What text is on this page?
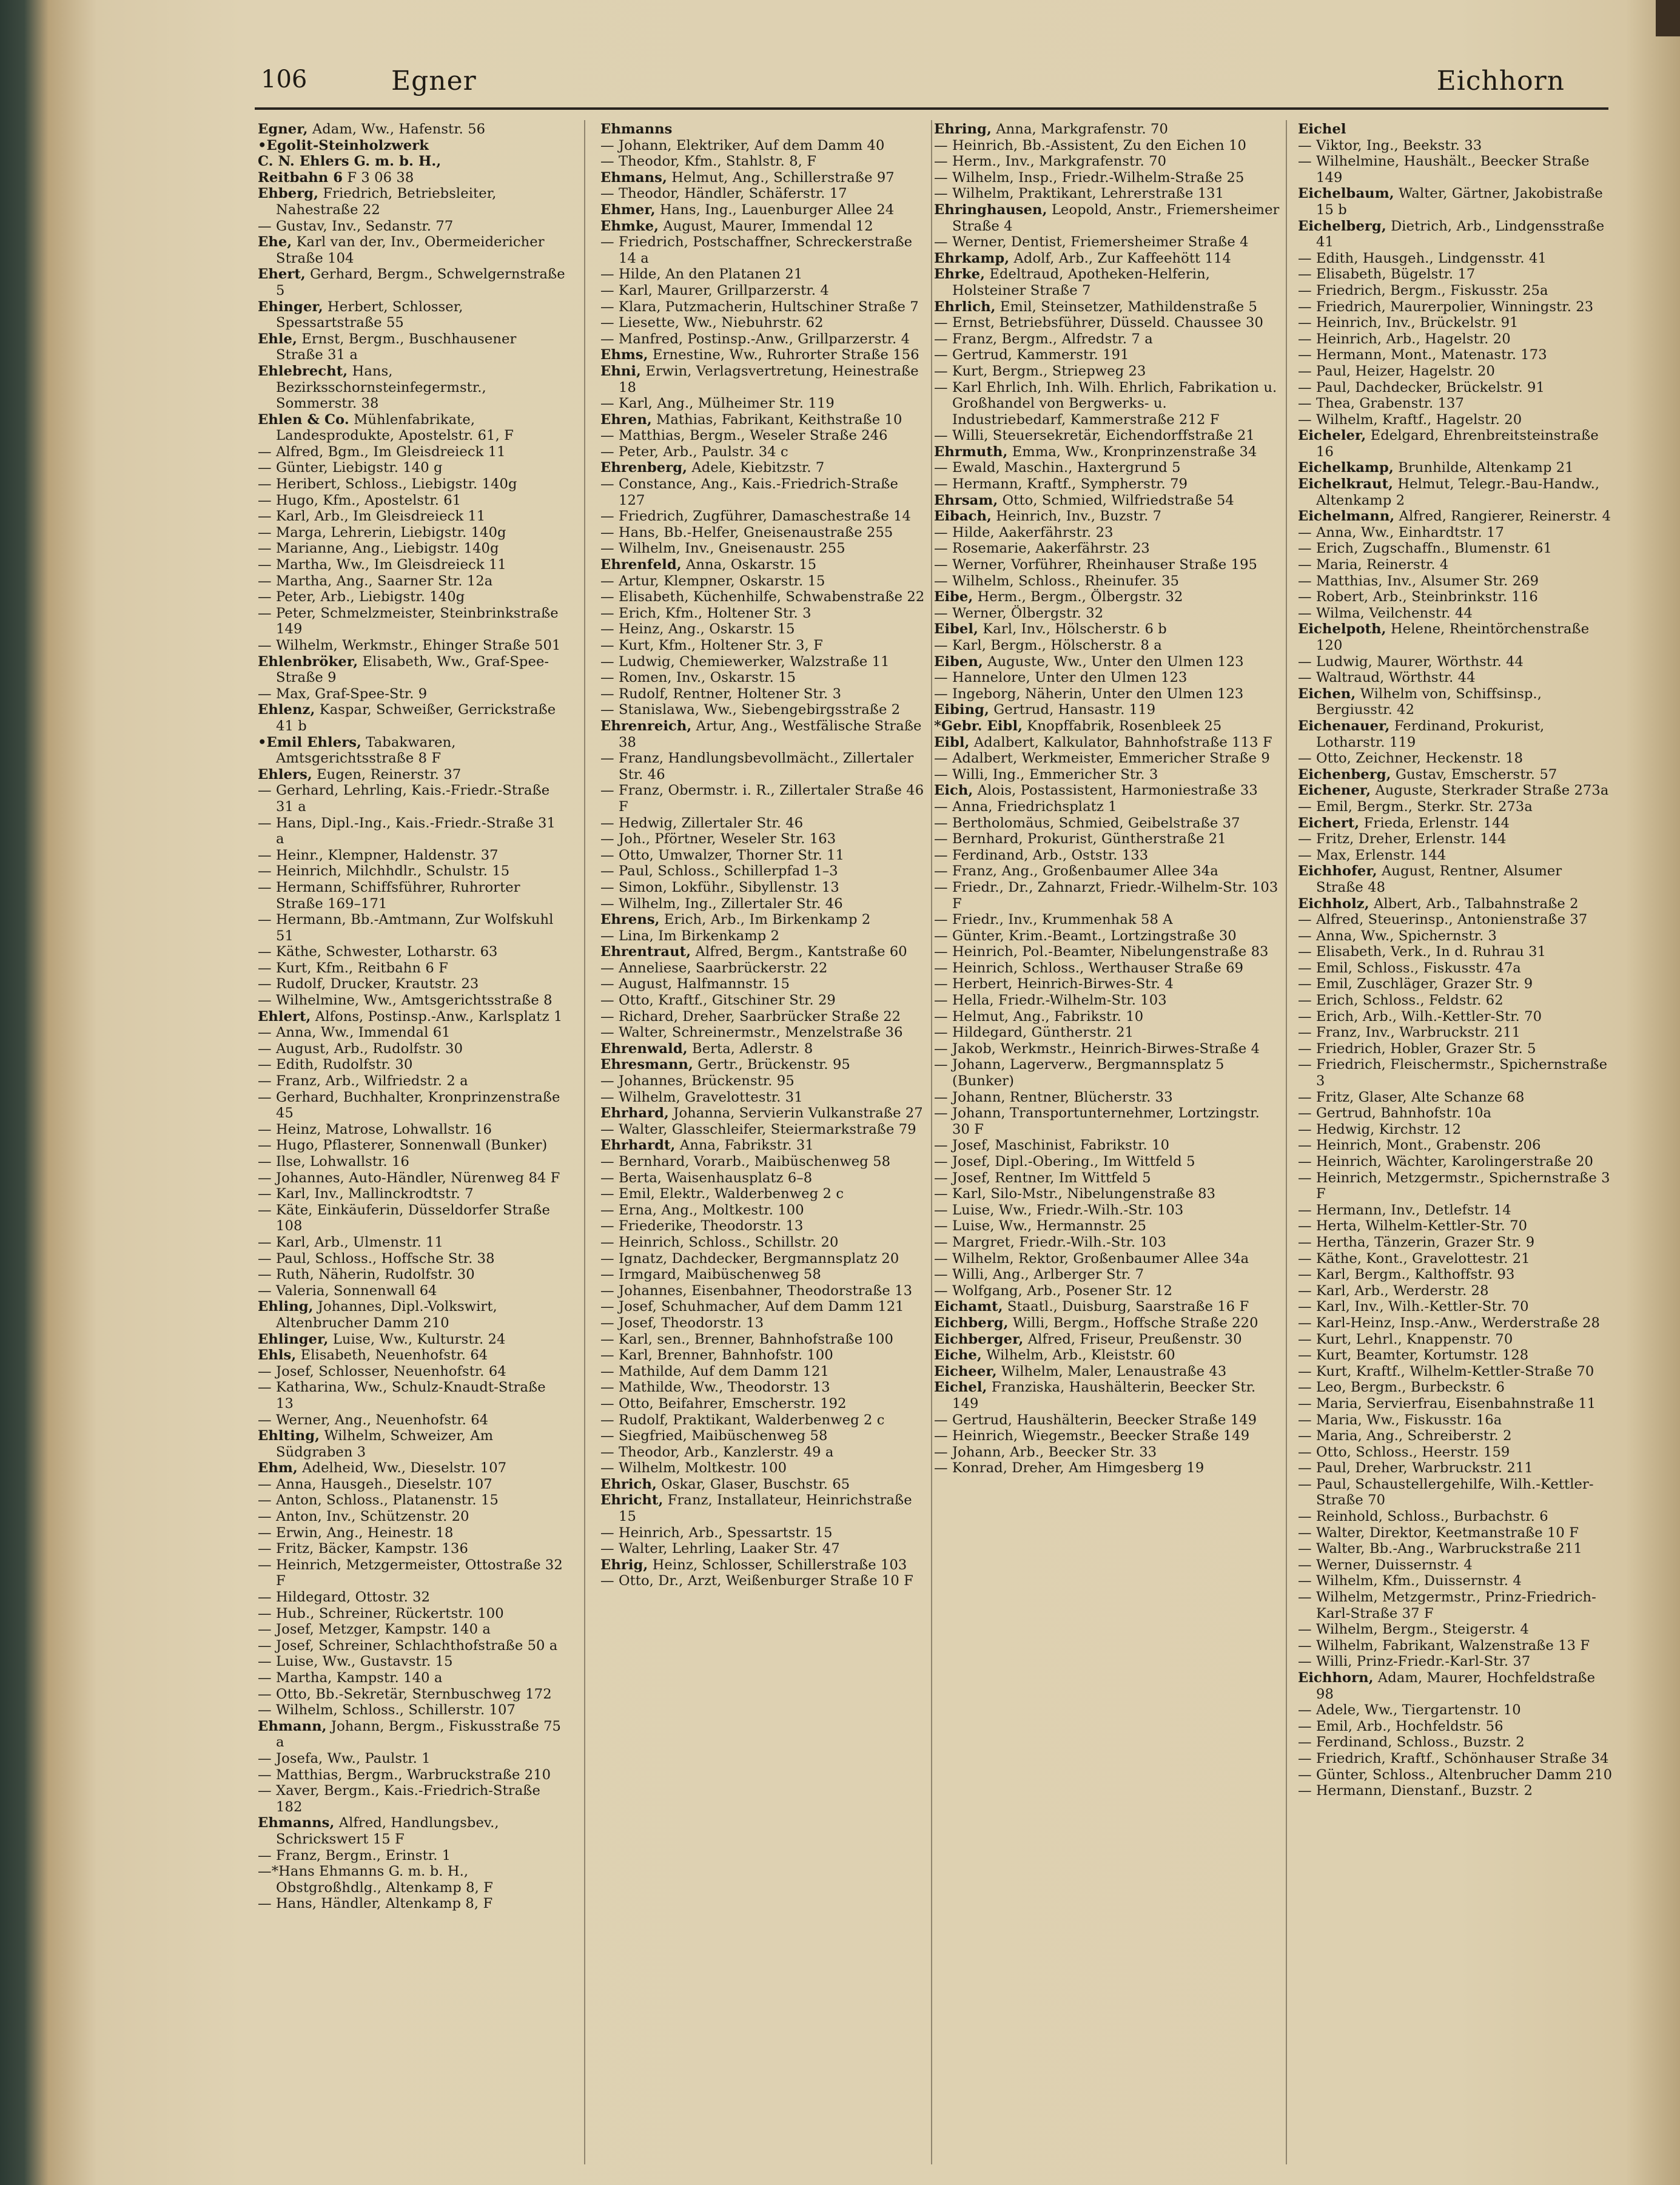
106	Egner	Eichhorn

Egner, Adam, Ww., Hafenstr. 56

•Egolit-Steinholzwerk

C. N. Ehlers G. m. b. H.,

Reitbahn 6 F 3 06 38

Ehberg, Friedrich, Betriebsleiter, Nahestraße 22

— Gustav, Inv., Sedanstr. 77

Ehe, Karl van der, Inv., Obermeidericher Straße 104

Ehert, Gerhard, Bergm., Schwelgernstraße 5

Ehinger, Herbert, Schlosser, Spessartstraße 55

Ehle, Ernst, Bergm., Buschhausener Straße 31 a

Ehlebrecht, Hans, Bezirksschornsteinfegermstr., Sommerstr. 38

Ehlen & Co. Mühlenfabrikate, Landesprodukte, Apostelstr. 61, F

— Alfred, Bgm., Im Gleisdreieck 11

— Günter, Liebigstr. 140 g

— Heribert, Schloss., Liebigstr. 140g

— Hugo, Kfm., Apostelstr. 61

— Karl, Arb., Im Gleisdreieck 11

— Marga, Lehrerin, Liebigstr. 140g

— Marianne, Ang., Liebigstr. 140g

— Martha, Ww., Im Gleisdreieck 11

— Martha, Ang., Saarner Str. 12a

— Peter, Arb., Liebigstr. 140g

— Peter, Schmelzmeister, Steinbrinkstraße 149

— Wilhelm, Werkmstr., Ehinger Straße 501

Ehlenbröker, Elisabeth, Ww., Graf-Spee-Straße 9

— Max, Graf-Spee-Str. 9

Ehlenz, Kaspar, Schweißer, Gerrickstraße 41 b

•Emil Ehlers, Tabakwaren, Amtsgerichtsstraße 8 F

Ehlers, Eugen, Reinerstr. 37

— Gerhard, Lehrling, Kais.-Friedr.-Straße 31 a

— Hans, Dipl.-Ing., Kais.-Friedr.-Straße 31 a

— Heinr., Klempner, Haldenstr. 37

— Heinrich, Milchhdlr., Schulstr. 15

— Hermann, Schiffsführer, Ruhrorter Straße 169–171

— Hermann, Bb.-Amtmann, Zur Wolfskuhl 51

— Käthe, Schwester, Lotharstr. 63

— Kurt, Kfm., Reitbahn 6 F

— Rudolf, Drucker, Krautstr. 23

— Wilhelmine, Ww., Amtsgerichtsstraße 8

Ehlert, Alfons, Postinsp.-Anw., Karlsplatz 1

— Anna, Ww., Immendal 61

— August, Arb., Rudolfstr. 30

— Edith, Rudolfstr. 30

— Franz, Arb., Wilfriedstr. 2 a

— Gerhard, Buchhalter, Kronprinzenstraße 45

— Heinz, Matrose, Lohwallstr. 16

— Hugo, Pflasterer, Sonnenwall (Bunker)

— Ilse, Lohwallstr. 16

— Johannes, Auto-Händler, Nürenweg 84 F

— Karl, Inv., Mallinckrodtstr. 7

— Käte, Einkäuferin, Düsseldorfer Straße 108

— Karl, Arb., Ulmenstr. 11

— Paul, Schloss., Hoffsche Str. 38

— Ruth, Näherin, Rudolfstr. 30

— Valeria, Sonnenwall 64

Ehling, Johannes, Dipl.-Volkswirt, Altenbrucher Damm 210

Ehlinger, Luise, Ww., Kulturstr. 24

Ehls, Elisabeth, Neuenhofstr. 64

— Josef, Schlosser, Neuenhofstr. 64

— Katharina, Ww., Schulz-Knaudt-Straße 13

— Werner, Ang., Neuenhofstr. 64

Ehlting, Wilhelm, Schweizer, Am Südgraben 3

Ehm, Adelheid, Ww., Dieselstr. 107

— Anna, Hausgeh., Dieselstr. 107

— Anton, Schloss., Platanenstr. 15

— Anton, Inv., Schützenstr. 20

— Erwin, Ang., Heinestr. 18

— Fritz, Bäcker, Kampstr. 136

— Heinrich, Metzgermeister, Ottostraße 32 F

— Hildegard, Ottostr. 32

— Hub., Schreiner, Rückertstr. 100

— Josef, Metzger, Kampstr. 140 a

— Josef, Schreiner, Schlachthofstraße 50 a

— Luise, Ww., Gustavstr. 15

— Martha, Kampstr. 140 a

— Otto, Bb.-Sekretär, Sternbuschweg 172

— Wilhelm, Schloss., Schillerstr. 107

Ehmann, Johann, Bergm., Fiskusstraße 75 a

— Josefa, Ww., Paulstr. 1

— Matthias, Bergm., Warbruckstraße 210

— Xaver, Bergm., Kais.-Friedrich-Straße 182

Ehmanns, Alfred, Handlungsbev., Schrickswert 15 F

— Franz, Bergm., Erinstr. 1

—*Hans Ehmanns G. m. b. H., Obstgroßhdlg., Altenkamp 8, F

— Hans, Händler, Altenkamp 8, F

Ehmanns

— Johann, Elektriker, Auf dem Damm 40

— Theodor, Kfm., Stahlstr. 8, F

Ehmans, Helmut, Ang., Schillerstraße 97

— Theodor, Händler, Schäferstr. 17

Ehmer, Hans, Ing., Lauenburger Allee 24

Ehmke, August, Maurer, Immendal 12

— Friedrich, Postschaffner, Schreckerstraße 14 a

— Hilde, An den Platanen 21

— Karl, Maurer, Grillparzerstr. 4

— Klara, Putzmacherin, Hultschiner Straße 7

— Liesette, Ww., Niebuhrstr. 62

— Manfred, Postinsp.-Anw., Grillparzerstr. 4

Ehms, Ernestine, Ww., Ruhrorter Straße 156

Ehni, Erwin, Verlagsvertretung, Heinestraße 18

— Karl, Ang., Mülheimer Str. 119

Ehren, Mathias, Fabrikant, Keithstraße 10

— Matthias, Bergm., Weseler Straße 246

— Peter, Arb., Paulstr. 34 c

Ehrenberg, Adele, Kiebitzstr. 7

— Constance, Ang., Kais.-Friedrich-Straße 127

— Friedrich, Zugführer, Damaschestraße 14

— Hans, Bb.-Helfer, Gneisenaustraße 255

— Wilhelm, Inv., Gneisenaustr. 255

Ehrenfeld, Anna, Oskarstr. 15

— Artur, Klempner, Oskarstr. 15

— Elisabeth, Küchenhilfe, Schwabenstraße 22

— Erich, Kfm., Holtener Str. 3

— Heinz, Ang., Oskarstr. 15

— Kurt, Kfm., Holtener Str. 3, F

— Ludwig, Chemiewerker, Walzstraße 11

— Romen, Inv., Oskarstr. 15

— Rudolf, Rentner, Holtener Str. 3

— Stanislawa, Ww., Siebengebirgsstraße 2

Ehrenreich, Artur, Ang., Westfälische Straße 38

— Franz, Handlungsbevollmächt., Zillertaler Str. 46

— Franz, Obermstr. i. R., Zillertaler Straße 46 F

— Hedwig, Zillertaler Str. 46

— Joh., Pförtner, Weseler Str. 163

— Otto, Umwalzer, Thorner Str. 11

— Paul, Schloss., Schillerpfad 1–3

— Simon, Lokführ., Sibyllenstr. 13

— Wilhelm, Ing., Zillertaler Str. 46

Ehrens, Erich, Arb., Im Birkenkamp 2

— Lina, Im Birkenkamp 2

Ehrentraut, Alfred, Bergm., Kantstraße 60

— Anneliese, Saarbrückerstr. 22

— August, Halfmannstr. 15

— Otto, Kraftf., Gitschiner Str. 29

— Richard, Dreher, Saarbrücker Straße 22

— Walter, Schreinermstr., Menzelstraße 36

Ehrenwald, Berta, Adlerstr. 8

Ehresmann, Gertr., Brückenstr. 95

— Johannes, Brückenstr. 95

— Wilhelm, Gravelottestr. 31

Ehrhard, Johanna, Servierin Vulkanstraße 27

— Walter, Glasschleifer, Steiermarkstraße 79

Ehrhardt, Anna, Fabrikstr. 31

— Bernhard, Vorarb., Maibüschenweg 58

— Berta, Waisenhausplatz 6–8

— Emil, Elektr., Walderbenweg 2 c

— Erna, Ang., Moltkestr. 100

— Friederike, Theodorstr. 13

— Heinrich, Schloss., Schillstr. 20

— Ignatz, Dachdecker, Bergmannsplatz 20

— Irmgard, Maibüschenweg 58

— Johannes, Eisenbahner, Theodorstraße 13

— Josef, Schuhmacher, Auf dem Damm 121

— Josef, Theodorstr. 13

— Karl, sen., Brenner, Bahnhofstraße 100

— Karl, Brenner, Bahnhofstr. 100

— Mathilde, Auf dem Damm 121

— Mathilde, Ww., Theodorstr. 13

— Otto, Beifahrer, Emscherstr. 192

— Rudolf, Praktikant, Walderbenweg 2 c

— Siegfried, Maibüschenweg 58

— Theodor, Arb., Kanzlerstr. 49 a

— Wilhelm, Moltkestr. 100

Ehrich, Oskar, Glaser, Buschstr. 65

Ehricht, Franz, Installateur, Heinrichstraße 15

— Heinrich, Arb., Spessartstr. 15

— Walter, Lehrling, Laaker Str. 47

Ehrig, Heinz, Schlosser, Schillerstraße 103

— Otto, Dr., Arzt, Weißenburger Straße 10 F

Ehring, Anna, Markgrafenstr. 70

— Heinrich, Bb.-Assistent, Zu den Eichen 10

— Herm., Inv., Markgrafenstr. 70

— Wilhelm, Insp., Friedr.-Wilhelm-Straße 25

— Wilhelm, Praktikant, Lehrerstraße 131

Ehringhausen, Leopold, Anstr., Friemersheimer Straße 4

— Werner, Dentist, Friemersheimer Straße 4

Ehrkamp, Adolf, Arb., Zur Kaffeehött 114

Ehrke, Edeltraud, Apotheken-Helferin, Holsteiner Straße 7

Ehrlich, Emil, Steinsetzer, Mathildenstraße 5

— Ernst, Betriebsführer, Düsseld. Chaussee 30

— Franz, Bergm., Alfredstr. 7 a

— Gertrud, Kammerstr. 191

— Kurt, Bergm., Striepweg 23

— Karl Ehrlich, Inh. Wilh. Ehrlich, Fabrikation u. Großhandel von Bergwerks- u. Industriebedarf, Kammerstraße 212 F

— Willi, Steuersekretär, Eichendorffstraße 21

Ehrmuth, Emma, Ww., Kronprinzenstraße 34

— Ewald, Maschin., Haxtergrund 5

— Hermann, Kraftf., Sympherstr. 79

Ehrsam, Otto, Schmied, Wilfriedstraße 54

Eibach, Heinrich, Inv., Buzstr. 7

— Hilde, Aakerfährstr. 23

— Rosemarie, Aakerfährstr. 23

— Werner, Vorführer, Rheinhauser Straße 195

— Wilhelm, Schloss., Rheinufer. 35

Eibe, Herm., Bergm., Ölbergstr. 32

— Werner, Ölbergstr. 32

Eibel, Karl, Inv., Hölscherstr. 6 b

— Karl, Bergm., Hölscherstr. 8 a

Eiben, Auguste, Ww., Unter den Ulmen 123

— Hannelore, Unter den Ulmen 123

— Ingeborg, Näherin, Unter den Ulmen 123

Eibing, Gertrud, Hansastr. 119

*Gebr. Eibl, Knopffabrik, Rosenbleek 25

Eibl, Adalbert, Kalkulator, Bahnhofstraße 113 F

— Adalbert, Werkmeister, Emmericher Straße 9

— Willi, Ing., Emmericher Str. 3

Eich, Alois, Postassistent, Harmoniestraße 33

— Anna, Friedrichsplatz 1

— Bertholomäus, Schmied, Geibelstraße 37

— Bernhard, Prokurist, Güntherstraße 21

— Ferdinand, Arb., Oststr. 133

— Franz, Ang., Großenbaumer Allee 34a

— Friedr., Dr., Zahnarzt, Friedr.-Wilhelm-Str. 103 F

— Friedr., Inv., Krummenhak 58 A

— Günter, Krim.-Beamt., Lortzingstraße 30

— Heinrich, Pol.-Beamter, Nibelungenstraße 83

— Heinrich, Schloss., Werthauser Straße 69

— Herbert, Heinrich-Birwes-Str. 4

— Hella, Friedr.-Wilhelm-Str. 103

— Helmut, Ang., Fabrikstr. 10

— Hildegard, Güntherstr. 21

— Jakob, Werkmstr., Heinrich-Birwes-Straße 4

— Johann, Lagerverw., Bergmannsplatz 5 (Bunker)

— Johann, Rentner, Blücherstr. 33

— Johann, Transportunternehmer, Lortzingstr. 30 F

— Josef, Maschinist, Fabrikstr. 10

— Josef, Dipl.-Obering., Im Wittfeld 5

— Josef, Rentner, Im Wittfeld 5

— Karl, Silo-Mstr., Nibelungenstraße 83

— Luise, Ww., Friedr.-Wilh.-Str. 103

— Luise, Ww., Hermannstr. 25

— Margret, Friedr.-Wilh.-Str. 103

— Wilhelm, Rektor, Großenbaumer Allee 34a

— Willi, Ang., Arlberger Str. 7

— Wolfgang, Arb., Posener Str. 12

Eichamt, Staatl., Duisburg, Saarstraße 16 F

Eichberg, Willi, Bergm., Hoffsche Straße 220

Eichberger, Alfred, Friseur, Preußenstr. 30

Eiche, Wilhelm, Arb., Kleiststr. 60

Eicheer, Wilhelm, Maler, Lenaustraße 43

Eichel, Franziska, Haushälterin, Beecker Str. 149

— Gertrud, Haushälterin, Beecker Straße 149

— Heinrich, Wiegemstr., Beecker Straße 149

— Johann, Arb., Beecker Str. 33

— Konrad, Dreher, Am Himgesberg 19

Eichel

— Viktor, Ing., Beekstr. 33

— Wilhelmine, Haushält., Beecker Straße 149

Eichelbaum, Walter, Gärtner, Jakobistraße 15 b

Eichelberg, Dietrich, Arb., Lindgensstraße 41

— Edith, Hausgeh., Lindgensstr. 41

— Elisabeth, Bügelstr. 17

— Friedrich, Bergm., Fiskusstr. 25a

— Friedrich, Maurerpolier, Winningstr. 23

— Heinrich, Inv., Brückelstr. 91

— Heinrich, Arb., Hagelstr. 20

— Hermann, Mont., Matenastr. 173

— Paul, Heizer, Hagelstr. 20

— Paul, Dachdecker, Brückelstr. 91

— Thea, Grabenstr. 137

— Wilhelm, Kraftf., Hagelstr. 20

Eicheler, Edelgard, Ehrenbreitsteinstraße 16

Eichelkamp, Brunhilde, Altenkamp 21

Eichelkraut, Helmut, Telegr.-Bau-Handw., Altenkamp 2

Eichelmann, Alfred, Rangierer, Reinerstr. 4

— Anna, Ww., Einhardtstr. 17

— Erich, Zugschaffn., Blumenstr. 61

— Maria, Reinerstr. 4

— Matthias, Inv., Alsumer Str. 269

— Robert, Arb., Steinbrinkstr. 116

— Wilma, Veilchenstr. 44

Eichelpoth, Helene, Rheintörchenstraße 120

— Ludwig, Maurer, Wörthstr. 44

— Waltraud, Wörthstr. 44

Eichen, Wilhelm von, Schiffsinsp., Bergiusstr. 42

Eichenauer, Ferdinand, Prokurist, Lotharstr. 119

— Otto, Zeichner, Heckenstr. 18

Eichenberg, Gustav, Emscherstr. 57

Eichener, Auguste, Sterkrader Straße 273a

— Emil, Bergm., Sterkr. Str. 273a

Eichert, Frieda, Erlenstr. 144

— Fritz, Dreher, Erlenstr. 144

— Max, Erlenstr. 144

Eichhofer, August, Rentner, Alsumer Straße 48

Eichholz, Albert, Arb., Talbahnstraße 2

— Alfred, Steuerinsp., Antonienstraße 37

— Anna, Ww., Spichernstr. 3

— Elisabeth, Verk., In d. Ruhrau 31

— Emil, Schloss., Fiskusstr. 47a

— Emil, Zuschläger, Grazer Str. 9

— Erich, Schloss., Feldstr. 62

— Erich, Arb., Wilh.-Kettler-Str. 70

— Franz, Inv., Warbruckstr. 211

— Friedrich, Hobler, Grazer Str. 5

— Friedrich, Fleischermstr., Spichernstraße 3

— Fritz, Glaser, Alte Schanze 68

— Gertrud, Bahnhofstr. 10a

— Hedwig, Kirchstr. 12

— Heinrich, Mont., Grabenstr. 206

— Heinrich, Wächter, Karolingerstraße 20

— Heinrich, Metzgermstr., Spichernstraße 3 F

— Hermann, Inv., Detlefstr. 14

— Herta, Wilhelm-Kettler-Str. 70

— Hertha, Tänzerin, Grazer Str. 9

— Käthe, Kont., Gravelottestr. 21

— Karl, Bergm., Kalthoffstr. 93

— Karl, Arb., Werderstr. 28

— Karl, Inv., Wilh.-Kettler-Str. 70

— Karl-Heinz, Insp.-Anw., Werderstraße 28

— Kurt, Lehrl., Knappenstr. 70

— Kurt, Beamter, Kortumstr. 128

— Kurt, Kraftf., Wilhelm-Kettler-Straße 70

— Leo, Bergm., Burbeckstr. 6

— Maria, Servierfrau, Eisenbahnstraße 11

— Maria, Ww., Fiskusstr. 16a

— Maria, Ang., Schreiberstr. 2

— Otto, Schloss., Heerstr. 159

— Paul, Dreher, Warbruckstr. 211

— Paul, Schaustellergehilfe, Wilh.-Kettler-Straße 70

— Reinhold, Schloss., Burbachstr. 6

— Walter, Direktor, Keetmanstraße 10 F

— Walter, Bb.-Ang., Warbruckstraße 211

— Werner, Duissernstr. 4

— Wilhelm, Kfm., Duissernstr. 4

— Wilhelm, Metzgermstr., Prinz-Friedrich-Karl-Straße 37 F

— Wilhelm, Bergm., Steigerstr. 4

— Wilhelm, Fabrikant, Walzenstraße 13 F

— Willi, Prinz-Friedr.-Karl-Str. 37

Eichhorn, Adam, Maurer, Hochfeldstraße 98

— Adele, Ww., Tiergartenstr. 10

— Emil, Arb., Hochfeldstr. 56

— Ferdinand, Schloss., Buzstr. 2

— Friedrich, Kraftf., Schönhauser Straße 34

— Günter, Schloss., Altenbrucher Damm 210

— Hermann, Dienstanf., Buzstr. 2
